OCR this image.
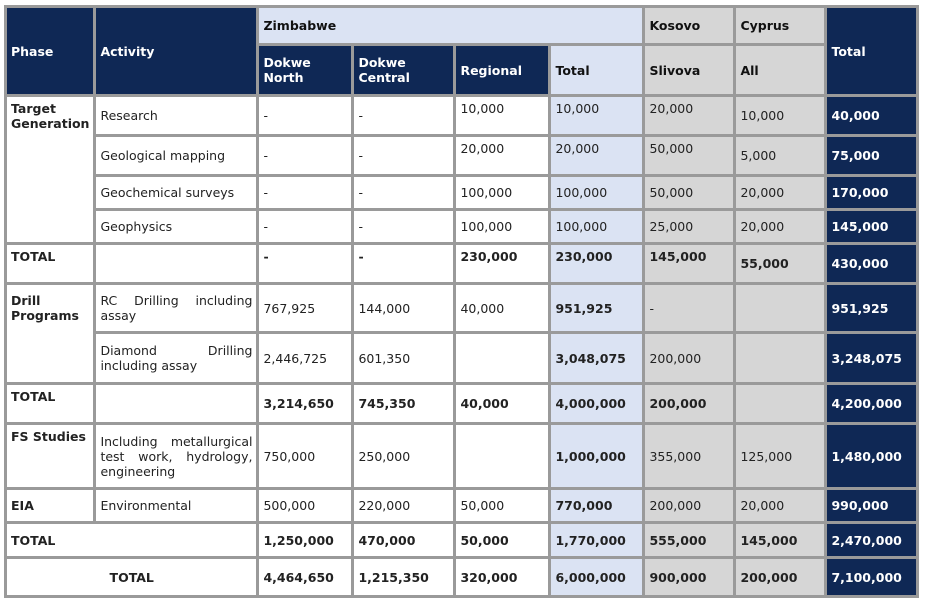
Phase	Activity	Zimbabwe				Kosovo	Cyprus	Total
		Dokwe North	Dokwe Central	Regional	Total	Slivova	All	
Target Generation	Research	-	-	10,000	10,000	20,000	10,000	40,000
	Geological mapping	-	-	20,000	20,000	50,000	5,000	75,000
	Geochemical surveys	-	-	100,000	100,000	50,000	20,000	170,000
	Geophysics	-	-	100,000	100,000	25,000	20,000	145,000
TOTAL		-	-	230,000	230,000	145,000	55,000	430,000
Drill Programs	RC Drilling including assay	767,925	144,000	40,000	951,925	-		951,925
	Diamond Drilling including assay	2,446,725	601,350		3,048,075	200,000		3,248,075
TOTAL		3,214,650	745,350	40,000	4,000,000	200,000		4,200,000
FS Studies	Including metallurgical test work, hydrology, engineering	750,000	250,000		1,000,000	355,000	125,000	1,480,000
EIA	Environmental	500,000	220,000	50,000	770,000	200,000	20,000	990,000
TOTAL		1,250,000	470,000	50,000	1,770,000	555,000	145,000	2,470,000
TOTAL		4,464,650	1,215,350	320,000	6,000,000	900,000	200,000	7,100,000
